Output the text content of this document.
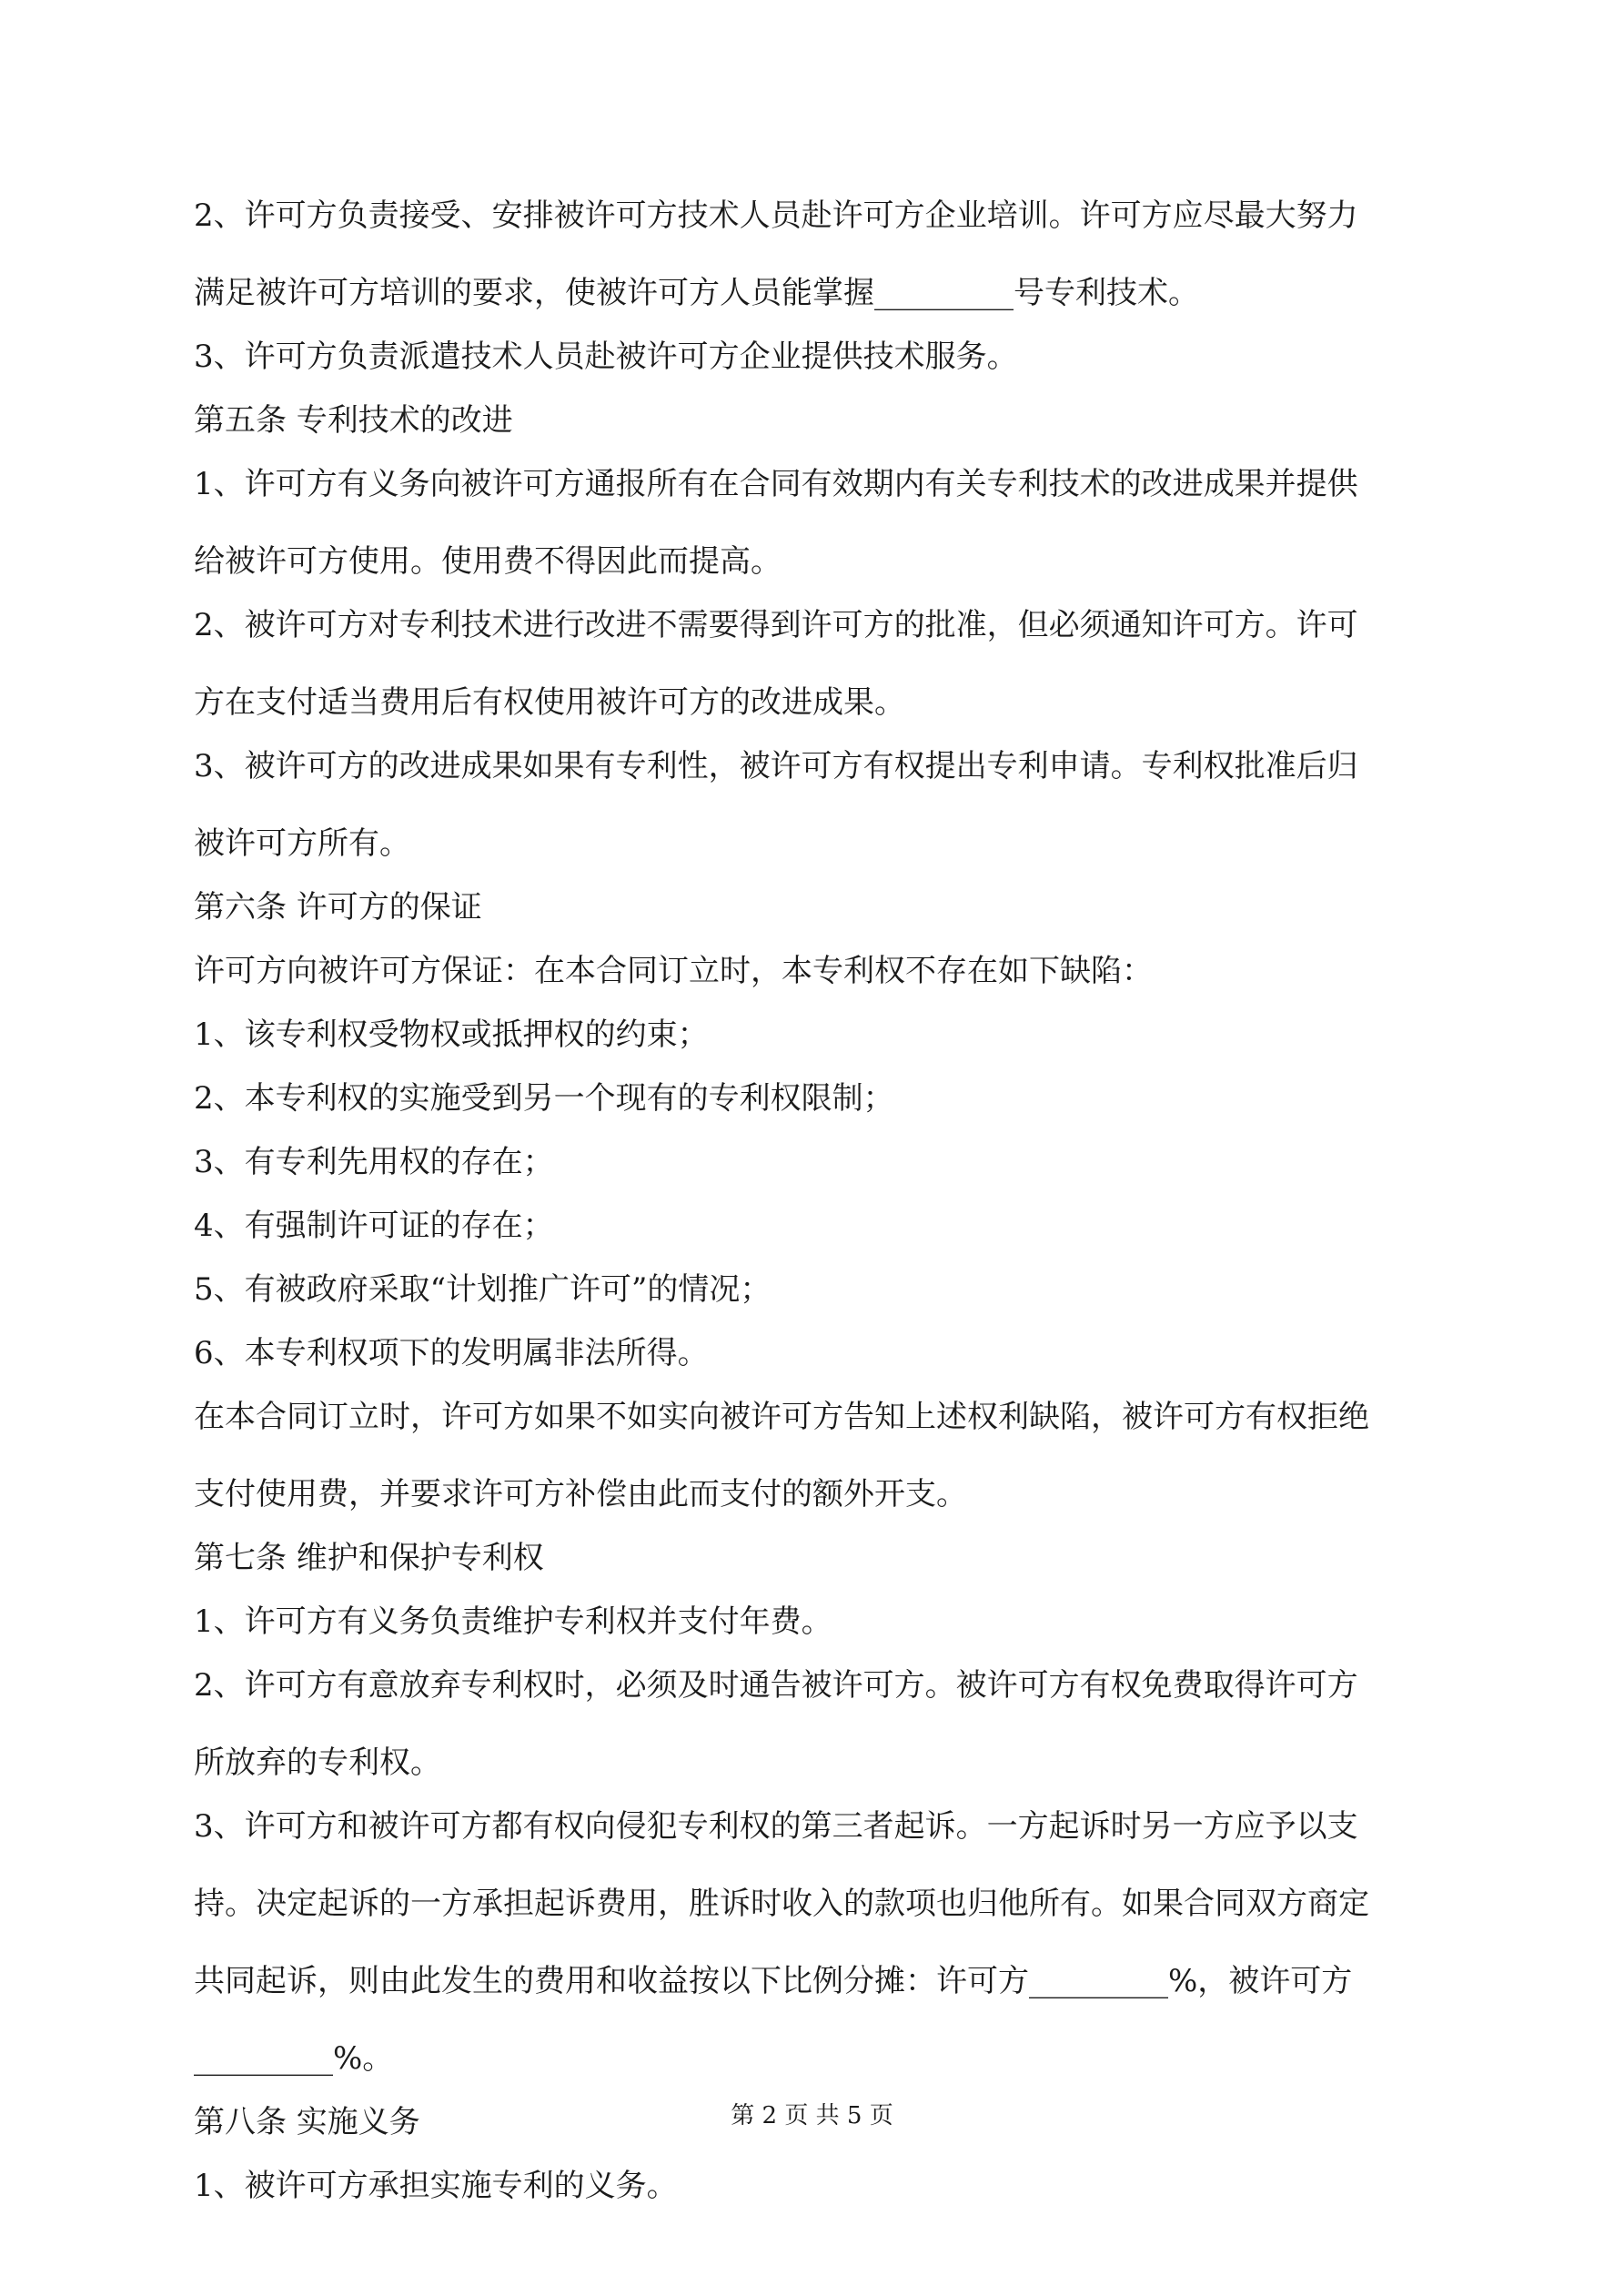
2、许可方负责接受、安排被许可方技术人员赴许可方企业培训。许可方应尽最大努力
满足被许可方培训的要求，使被许可方人员能掌握_________号专利技术。
3、许可方负责派遣技术人员赴被许可方企业提供技术服务。
第五条 专利技术的改进
1、许可方有义务向被许可方通报所有在合同有效期内有关专利技术的改进成果并提供
给被许可方使用。使用费不得因此而提高。
2、被许可方对专利技术进行改进不需要得到许可方的批准，但必须通知许可方。许可
方在支付适当费用后有权使用被许可方的改进成果。
3、被许可方的改进成果如果有专利性，被许可方有权提出专利申请。专利权批准后归
被许可方所有。
第六条 许可方的保证
许可方向被许可方保证：在本合同订立时，本专利权不存在如下缺陷：
1、该专利权受物权或抵押权的约束；
2、本专利权的实施受到另一个现有的专利权限制；
3、有专利先用权的存在；
4、有强制许可证的存在；
5、有被政府采取“计划推广许可”的情况；
6、本专利权项下的发明属非法所得。
在本合同订立时，许可方如果不如实向被许可方告知上述权利缺陷，被许可方有权拒绝
支付使用费，并要求许可方补偿由此而支付的额外开支。
第七条 维护和保护专利权
1、许可方有义务负责维护专利权并支付年费。
2、许可方有意放弃专利权时，必须及时通告被许可方。被许可方有权免费取得许可方
所放弃的专利权。
3、许可方和被许可方都有权向侵犯专利权的第三者起诉。一方起诉时另一方应予以支
持。决定起诉的一方承担起诉费用，胜诉时收入的款项也归他所有。如果合同双方商定
共同起诉，则由此发生的费用和收益按以下比例分摊：许可方_________%，被许可方
_________%。
第八条 实施义务
1、被许可方承担实施专利的义务。
第 2 页 共 5 页
